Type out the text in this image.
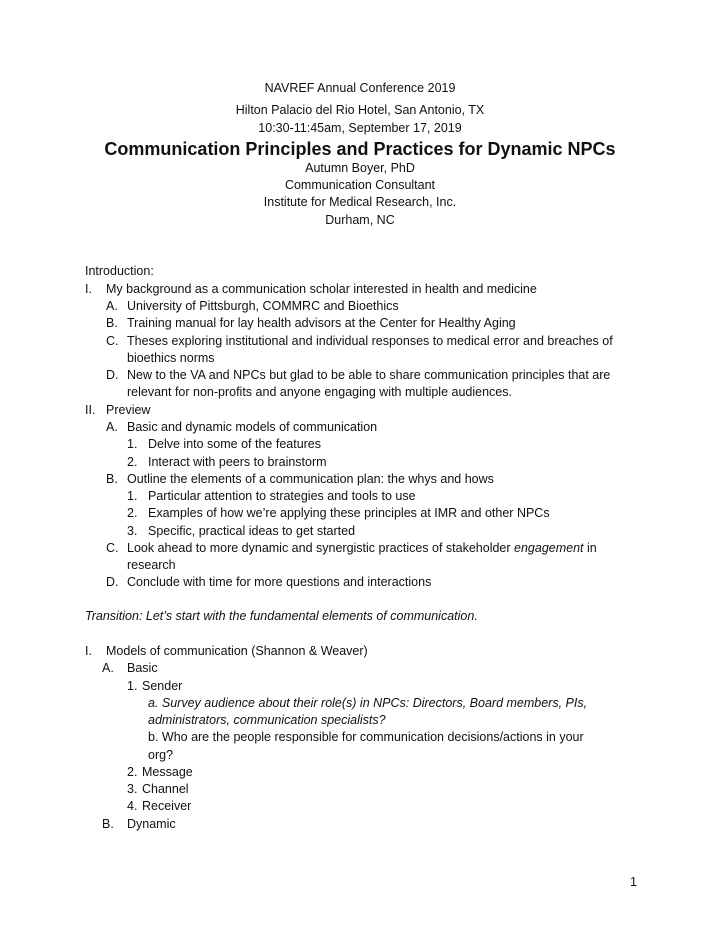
NAVREF Annual Conference 2019
Hilton Palacio del Rio Hotel, San Antonio, TX
10:30-11:45am, September 17, 2019
Communication Principles and Practices for Dynamic NPCs
Autumn Boyer, PhD
Communication Consultant
Institute for Medical Research, Inc.
Durham, NC
Introduction:
I. My background as a communication scholar interested in health and medicine
A. University of Pittsburgh, COMMRC and Bioethics
B. Training manual for lay health advisors at the Center for Healthy Aging
C. Theses exploring institutional and individual responses to medical error and breaches of
bioethics norms
D. New to the VA and NPCs but glad to be able to share communication principles that are
relevant for non-profits and anyone engaging with multiple audiences.
II. Preview
A. Basic and dynamic models of communication
1. Delve into some of the features
2. Interact with peers to brainstorm
B. Outline the elements of a communication plan: the whys and hows
1. Particular attention to strategies and tools to use
2. Examples of how we’re applying these principles at IMR and other NPCs
3. Specific, practical ideas to get started
C. Look ahead to more dynamic and synergistic practices of stakeholder engagement in
research
D. Conclude with time for more questions and interactions
Transition: Let’s start with the fundamental elements of communication.
I. Models of communication (Shannon & Weaver)
A. Basic
1. Sender
a. Survey audience about their role(s) in NPCs: Directors, Board members, PIs,
administrators, communication specialists?
b. Who are the people responsible for communication decisions/actions in your
org?
2. Message
3. Channel
4. Receiver
B. Dynamic
1
